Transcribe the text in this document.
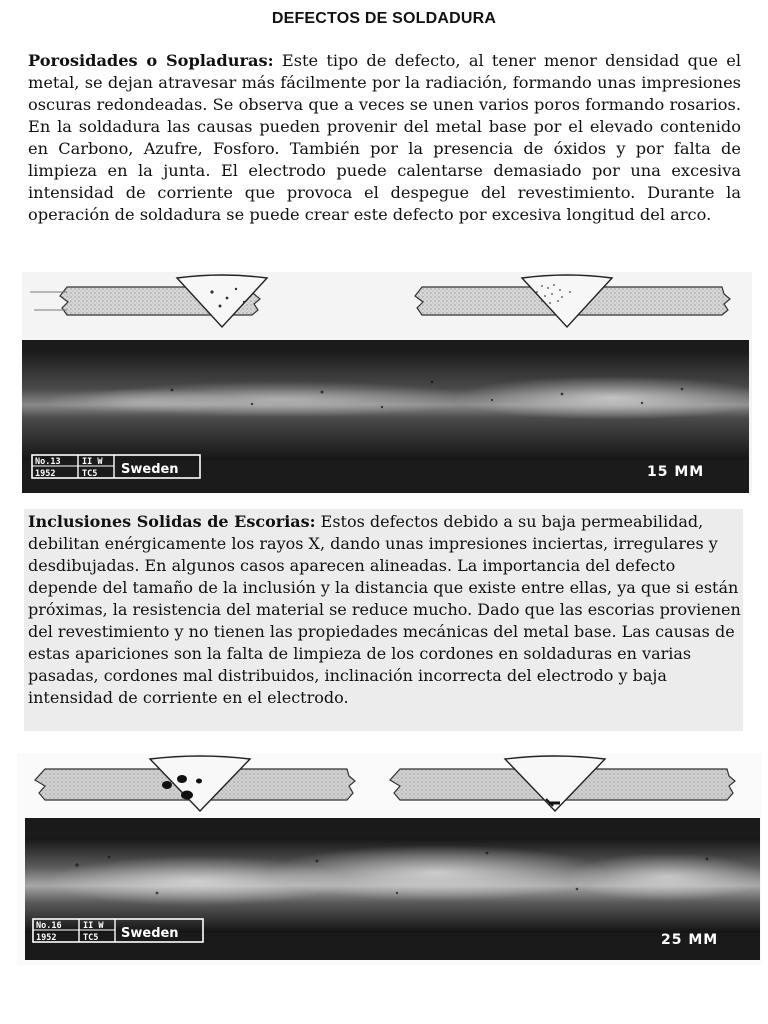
DEFECTOS DE SOLDADURA
Porosidades o Sopladuras: Este tipo de defecto, al tener menor densidad que el metal, se dejan atravesar más fácilmente por la radiación, formando unas impresiones oscuras redondeadas. Se observa que a veces se unen varios poros formando rosarios. En la soldadura las causas pueden provenir del metal base por el elevado contenido en Carbono, Azufre, Fosforo. También por la presencia de óxidos y por falta de limpieza en la junta. El electrodo puede calentarse demasiado por una excesiva intensidad de corriente que provoca el despegue del revestimiento. Durante la operación de soldadura se puede crear este defecto por excesiva longitud del arco.
No.13
1952
II W
TC5 Sweden	15 MM
Inclusiones Solidas de Escorias: Estos defectos debido a su baja permeabilidad, debilitan enérgicamente los rayos X, dando unas impresiones inciertas, irregulares y desdibujadas. En algunos casos aparecen alineadas. La importancia del defecto depende del tamaño de la inclusión y la distancia que existe entre ellas, ya que si están próximas, la resistencia del material se reduce mucho. Dado que las escorias provienen del revestimiento y no tienen las propiedades mecánicas del metal base. Las causas de estas apariciones son la falta de limpieza de los cordones en soldaduras en varias pasadas, cordones mal distribuidos, inclinación incorrecta del electrodo y baja intensidad de corriente en el electrodo.
No.16
1952
II W
TC5 Sweden	25 MM
